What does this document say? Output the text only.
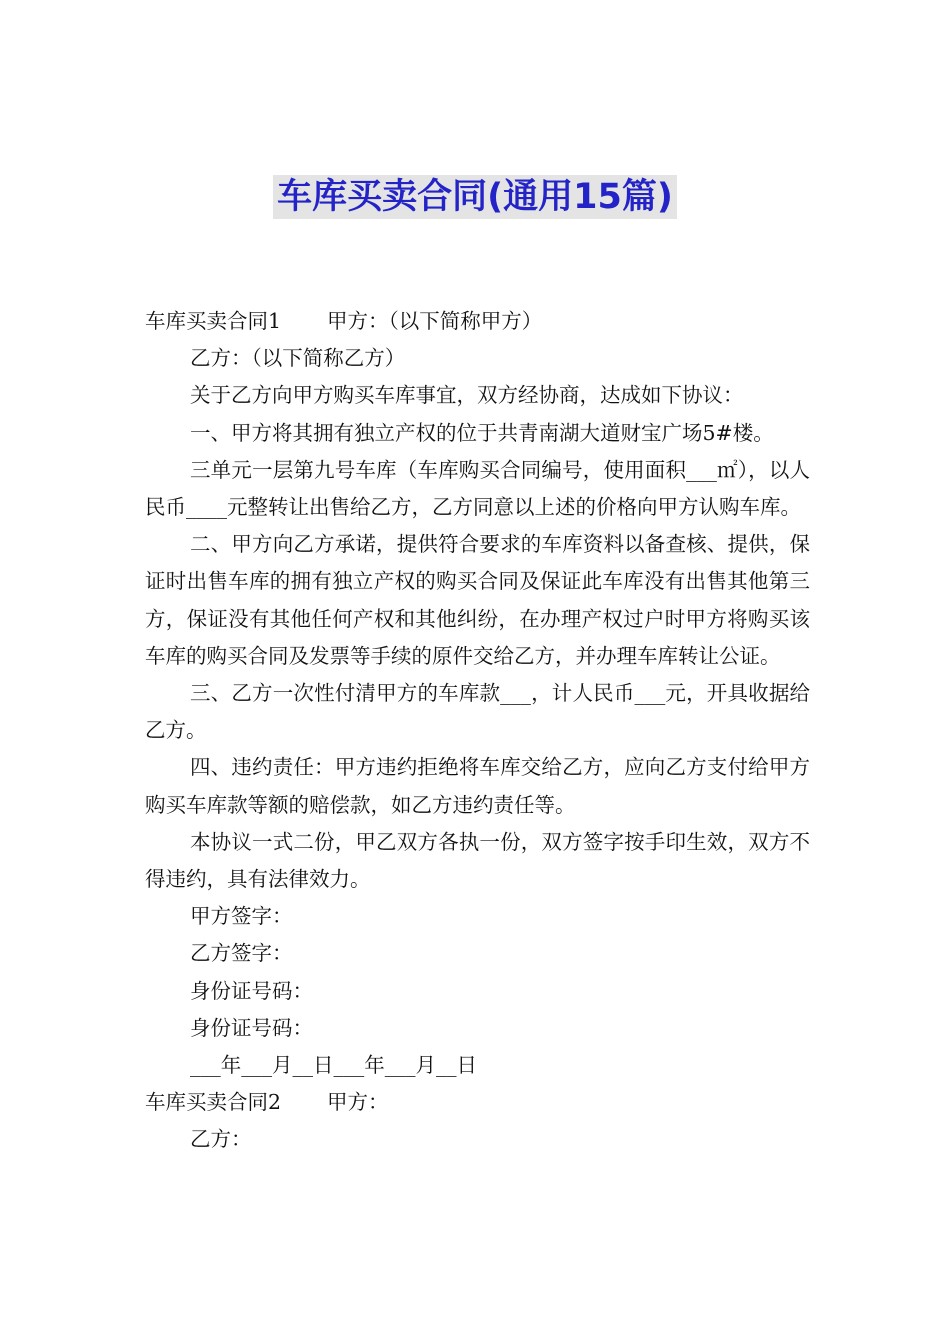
车库买卖合同(通用15篇)

车库买卖合同1 甲方：（以下简称甲方）

乙方：（以下简称乙方）

关于乙方向甲方购买车库事宜，双方经协商，达成如下协议：

一、甲方将其拥有独立产权的位于共青南湖大道财宝广场5#楼。

三单元一层第九号车库（车库购买合同编号，使用面积___㎡），以人民币____元整转让出售给乙方，乙方同意以上述的价格向甲方认购车库。

二、甲方向乙方承诺，提供符合要求的车库资料以备查核、提供，保证时出售车库的拥有独立产权的购买合同及保证此车库没有出售其他第三方，保证没有其他任何产权和其他纠纷，在办理产权过户时甲方将购买该车库的购买合同及发票等手续的原件交给乙方，并办理车库转让公证。

三、乙方一次性付清甲方的车库款___，计人民币___元，开具收据给乙方。

四、违约责任：甲方违约拒绝将车库交给乙方，应向乙方支付给甲方购买车库款等额的赔偿款，如乙方违约责任等。

本协议一式二份，甲乙双方各执一份，双方签字按手印生效，双方不得违约，具有法律效力。

甲方签字：

乙方签字：

身份证号码：

身份证号码：

___年___月__日___年___月__日

车库买卖合同2 甲方：

乙方：
